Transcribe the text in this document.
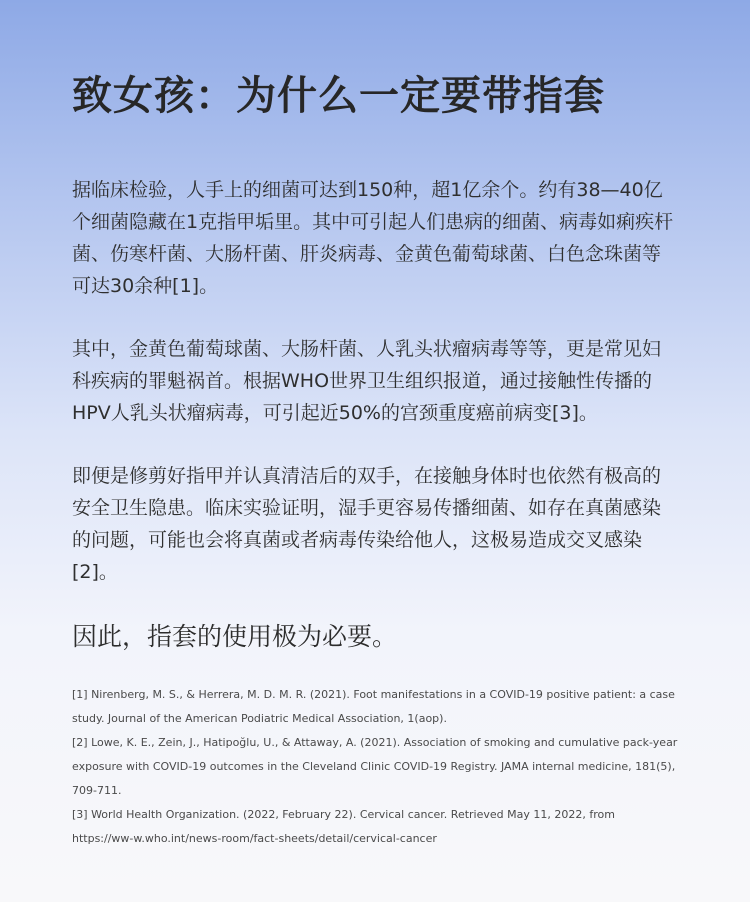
致女孩：为什么一定要带指套

据临床检验，人手上的细菌可达到150种，超1亿余个。约有38—40亿个细菌隐藏在1克指甲垢里。其中可引起人们患病的细菌、病毒如痢疾杆菌、伤寒杆菌、大肠杆菌、肝炎病毒、金黄色葡萄球菌、白色念珠菌等可达30余种[1]。

其中，金黄色葡萄球菌、大肠杆菌、人乳头状瘤病毒等等，更是常见妇科疾病的罪魁祸首。根据WHO世界卫生组织报道，通过接触性传播的HPV人乳头状瘤病毒，可引起近50%的宫颈重度癌前病变[3]。

即便是修剪好指甲并认真清洁后的双手，在接触身体时也依然有极高的安全卫生隐患。临床实验证明，湿手更容易传播细菌、如存在真菌感染的问题，可能也会将真菌或者病毒传染给他人，这极易造成交叉感染[2]。

因此，指套的使用极为必要。

[1] Nirenberg, M. S., & Herrera, M. D. M. R. (2021). Foot manifestations in a COVID-19 positive patient: a case study. Journal of the American Podiatric Medical Association, 1(aop).

[2] Lowe, K. E., Zein, J., Hatipoğlu, U., & Attaway, A. (2021). Association of smoking and cumulative pack-year exposure with COVID-19 outcomes in the Cleveland Clinic COVID-19 Registry. JAMA internal medicine, 181(5), 709-711.

[3] World Health Organization. (2022, February 22). Cervical cancer. Retrieved May 11, 2022, from https://ww-w.who.int/news-room/fact-sheets/detail/cervical-cancer
